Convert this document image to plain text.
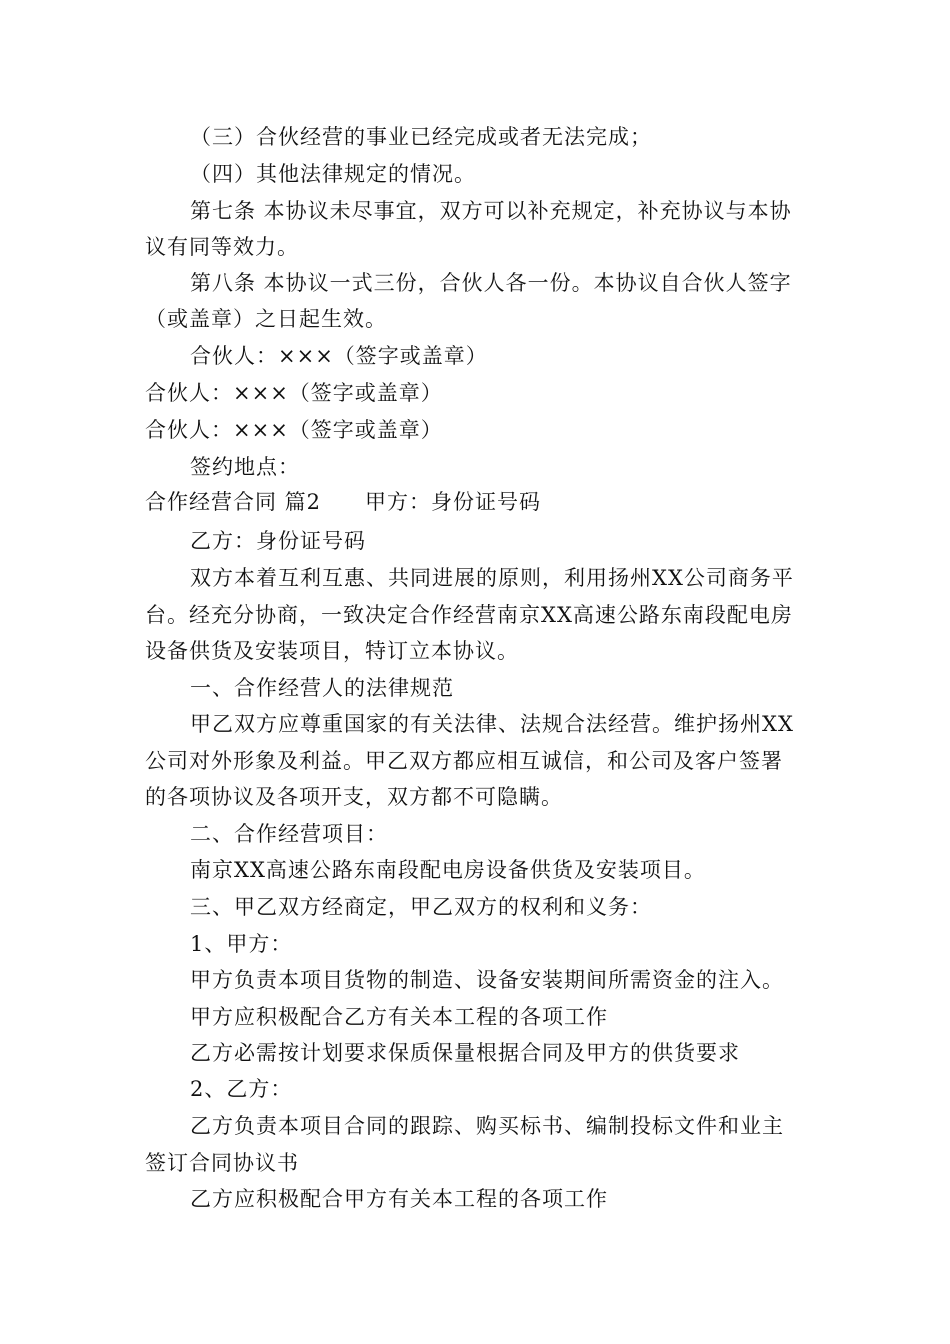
（三）合伙经营的事业已经完成或者无法完成；
（四）其他法律规定的情况。
第七条 本协议未尽事宜，双方可以补充规定，补充协议与本协
议有同等效力。
第八条 本协议一式三份，合伙人各一份。本协议自合伙人签字
（或盖章）之日起生效。
合伙人：×××（签字或盖章）
合伙人：×××（签字或盖章）
合伙人：×××（签字或盖章）
签约地点：
合作经营合同 篇2　　甲方：身份证号码
乙方：身份证号码
双方本着互利互惠、共同进展的原则，利用扬州XX公司商务平
台。经充分协商，一致决定合作经营南京XX高速公路东南段配电房
设备供货及安装项目，特订立本协议。
一、合作经营人的法律规范
甲乙双方应尊重国家的有关法律、法规合法经营。维护扬州XX
公司对外形象及利益。甲乙双方都应相互诚信，和公司及客户签署
的各项协议及各项开支，双方都不可隐瞒。
二、合作经营项目：
南京XX高速公路东南段配电房设备供货及安装项目。
三、甲乙双方经商定，甲乙双方的权利和义务：
1、甲方：
甲方负责本项目货物的制造、设备安装期间所需资金的注入。
甲方应积极配合乙方有关本工程的各项工作
乙方必需按计划要求保质保量根据合同及甲方的供货要求
2、乙方：
乙方负责本项目合同的跟踪、购买标书、编制投标文件和业主
签订合同协议书
乙方应积极配合甲方有关本工程的各项工作
